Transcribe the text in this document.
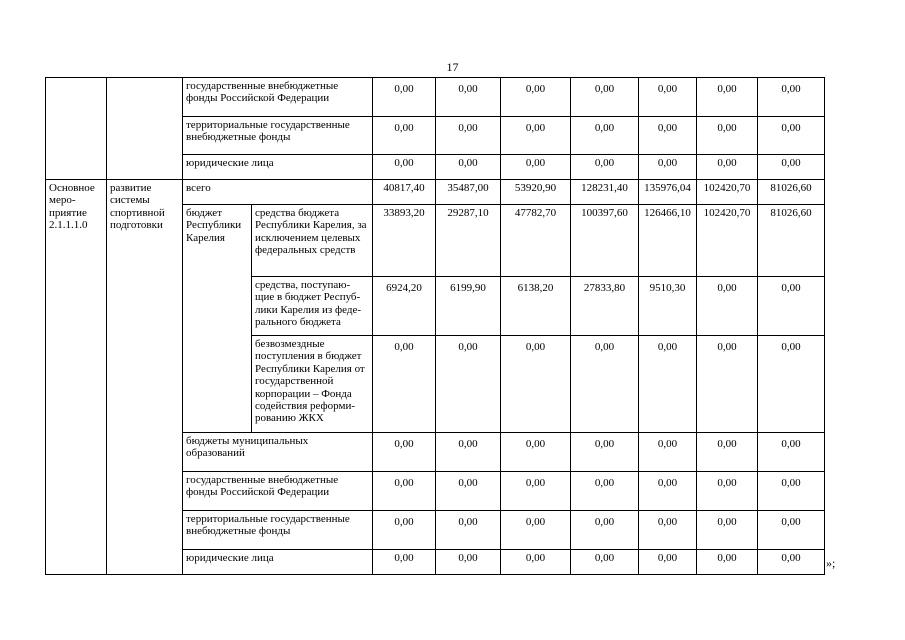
17
		государственные внебюджетные фонды Российской Федерации		0,00	0,00	0,00	0,00	0,00	0,00	0,00
		территориальные государственные внебюджетные фонды		0,00	0,00	0,00	0,00	0,00	0,00	0,00
		юридические лица		0,00	0,00	0,00	0,00	0,00	0,00	0,00
Основное меро-приятие 2.1.1.1.0	развитие системы спортивной подготовки	всего		40817,40	35487,00	53920,90	128231,40	135976,04	102420,70	81026,60
		бюджет Республики Карелия	средства бюджета Республики Карелия, за исключением целевых федеральных средств	33893,20	29287,10	47782,70	100397,60	126466,10	102420,70	81026,60
			средства, поступаю-щие в бюджет Респуб-лики Карелия из феде-рального бюджета	6924,20	6199,90	6138,20	27833,80	9510,30	0,00	0,00
			безвозмездные поступления в бюджет Республики Карелия от государственной корпорации – Фонда содействия реформи-рованию ЖКХ	0,00	0,00	0,00	0,00	0,00	0,00	0,00
		бюджеты муниципальных образований		0,00	0,00	0,00	0,00	0,00	0,00	0,00
		государственные внебюджетные фонды Российской Федерации		0,00	0,00	0,00	0,00	0,00	0,00	0,00
		территориальные государственные внебюджетные фонды		0,00	0,00	0,00	0,00	0,00	0,00	0,00
		юридические лица		0,00	0,00	0,00	0,00	0,00	0,00	0,00 »;
